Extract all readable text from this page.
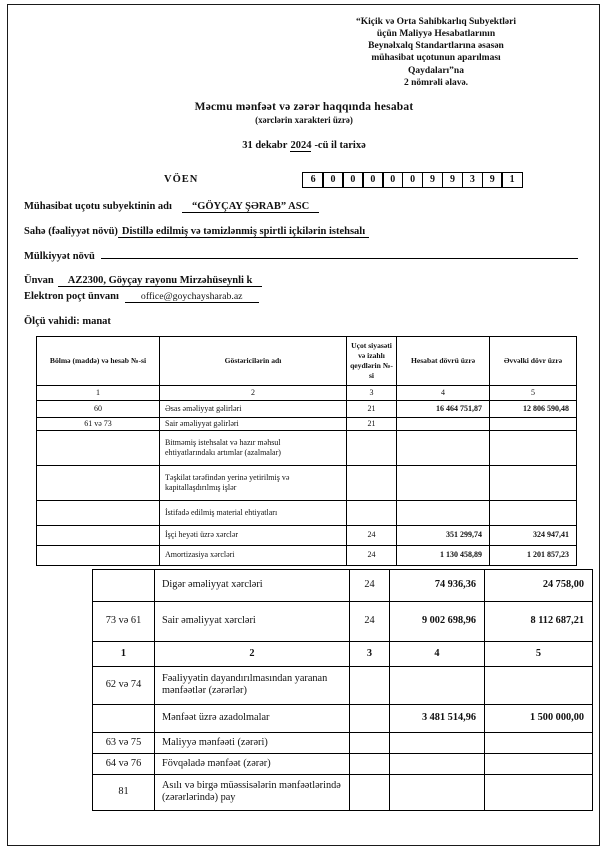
“Kiçik və Orta Sahibkarlıq Subyektləri
üçün Maliyyə Hesabatlarının
Beynəlxalq Standartlarına əsasən
mühasibat uçotunun aparılması
Qaydaları”na
2 nömrəli əlavə.
Məcmu mənfəət və zərər haqqında hesabat
(xərclərin xarakteri üzrə)
31 dekabr 2024 -cü il tarixə
VÖEN	6	0	0	0	0	0	9	9	3	9	1
Mühasibat uçotu subyektinin adı	“GÖYÇAY ŞƏRAB” ASC
Sahə (fəaliyyət növü) Distillə edilmiş və təmizlənmiş spirtli içkilərin istehsalı
Mülkiyyət növü
Ünvan	AZ2300, Göyçay rayonu Mirzəhüseynli k
Elektron poçt ünvanı	office@goychaysharab.az
Ölçü vahidi: manat
Bölmə (maddə) və hesab №-si	Göstəricilərin adı	Uçot siyasəti və izahlı qeydlərin №-si	Hesabat dövrü üzrə	Əvvəlki dövr üzrə
1	2	3	4	5
60	Əsas əməliyyat gəlirləri	21	16 464 751,87	12 806 590,48
61 və 73	Sair əməliyyat gəlirləri	21		
	Bitməmiş istehsalat və hazır məhsul ehtiyatlarındakı artımlar (azalmalar)			
	Təşkilat tərəfindən yerinə yetirilmiş və kapitallaşdırılmış işlər			
	İstifadə edilmiş material ehtiyatları			
	İşçi heyəti üzrə xərclər	24	351 299,74	324 947,41
	Amortizasiya xərcləri	24	1 130 458,89	1 201 857,23
	Digər əməliyyat xərcləri	24	74 936,36	24 758,00
73 və 61	Sair əməliyyat xərcləri	24	9 002 698,96	8 112 687,21
1	2	3	4	5
62 və 74	Fəaliyyətin dayandırılmasından yaranan mənfəətlər (zərərlər)			
	Mənfəət üzrə azadolmalar		3 481 514,96	1 500 000,00
63 və 75	Maliyyə mənfəəti (zərəri)			
64 və 76	Fövqəladə mənfəət (zərər)			
81	Asılı və birgə müəssisələrin mənfəətlərində (zərərlərində) pay			
